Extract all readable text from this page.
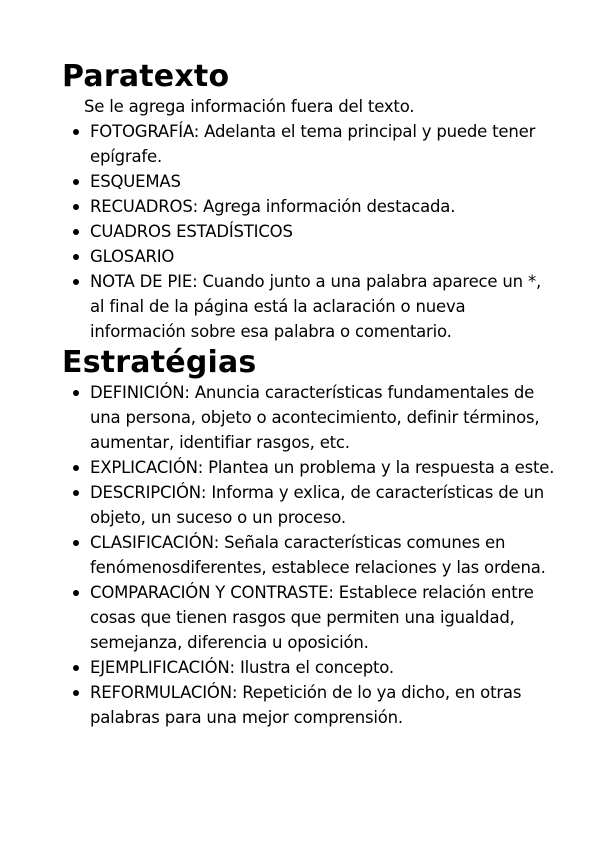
Paratexto

Se le agrega información fuera del texto.

FOTOGRAFÍA: Adelanta el tema principal y puede tener epígrafe.
ESQUEMAS
RECUADROS: Agrega información destacada.
CUADROS ESTADÍSTICOS
GLOSARIO
NOTA DE PIE: Cuando junto a una palabra aparece un *, al final de la página está la aclaración o nueva información sobre esa palabra o comentario.
Estratégias
DEFINICIÓN: Anuncia características fundamentales de una persona, objeto o acontecimiento, definir términos, aumentar, identifiar rasgos, etc.
EXPLICACIÓN: Plantea un problema y la respuesta a este.
DESCRIPCIÓN: Informa y exlica, de características de un objeto, un suceso o un proceso.
CLASIFICACIÓN: Señala características comunes en fenómenosdiferentes, establece relaciones y las ordena.
COMPARACIÓN Y CONTRASTE: Establece relación entre cosas que tienen rasgos que permiten una igualdad, semejanza, diferencia u oposición.
EJEMPLIFICACIÓN: Ilustra el concepto.
REFORMULACIÓN: Repetición de lo ya dicho, en otras palabras para una mejor comprensión.
